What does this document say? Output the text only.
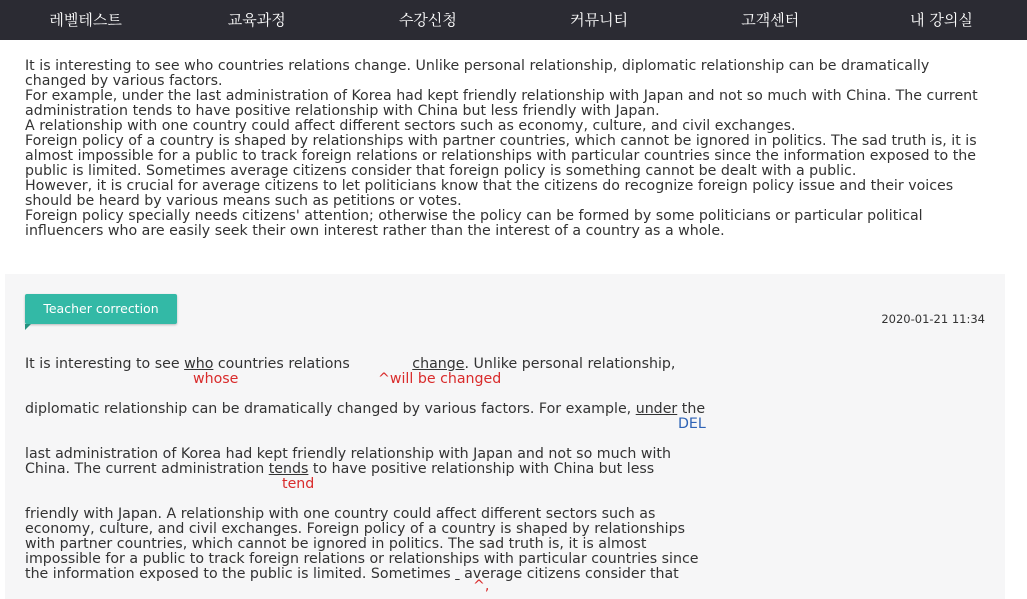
레벨테스트	교육과정	수강신청	커뮤니티	고객센터	내 강의실

It is interesting to see who countries relations change. Unlike personal relationship, diplomatic relationship can be dramatically changed by various factors.

For example, under the last administration of Korea had kept friendly relationship with Japan and not so much with China. The current administration tends to have positive relationship with China but less friendly with Japan.

A relationship with one country could affect different sectors such as economy, culture, and civil exchanges.

Foreign policy of a country is shaped by relationships with partner countries, which cannot be ignored in politics. The sad truth is, it is almost impossible for a public to track foreign relations or relationships with particular countries since the information exposed to the public is limited. Sometimes average citizens consider that foreign policy is something cannot be dealt with a public.

However, it is crucial for average citizens to let politicians know that the citizens do recognize foreign policy issue and their voices should be heard by various means such as petitions or votes.

Foreign policy specially needs citizens' attention; otherwise the policy can be formed by some politicians or particular political influencers who are easily seek their own interest rather than the interest of a country as a whole.

Teacher correction
2020-01-21 11:34
It is interesting to see who countries relations	change. Unlike personal relationship,
whose	^will be changed
diplomatic relationship can be dramatically changed by various factors. For example, under the
DEL
last administration of Korea had kept friendly relationship with Japan and not so much with
China. The current administration tends to have positive relationship with China but less
tend
friendly with Japan. A relationship with one country could affect different sectors such as
economy, culture, and civil exchanges. Foreign policy of a country is shaped by relationships
with partner countries, which cannot be ignored in politics. The sad truth is, it is almost
impossible for a public to track foreign relations or relationships with particular countries since
the information exposed to the public is limited. Sometimes   average citizens consider that
^,
